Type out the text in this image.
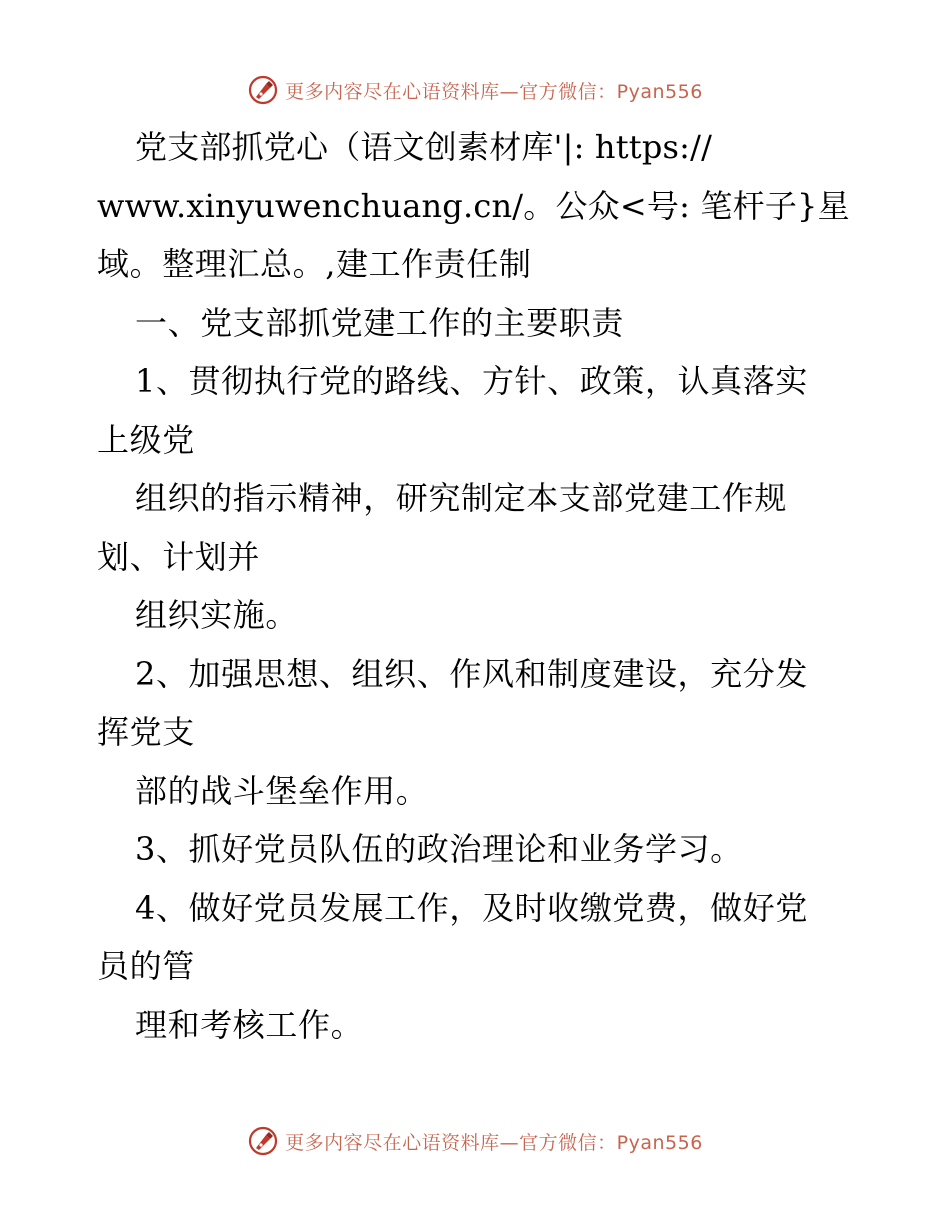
更多内容尽在心语资料库—官方微信：Pyan556
党支部抓党心（语文创素材库'|: https://
www.xinyuwenchuang.cn/。公众<号: 笔杆子}星
域。整理汇总。,建工作责任制
一、党支部抓党建工作的主要职责
1、贯彻执行党的路线、方针、政策，认真落实
上级党
组织的指示精神，研究制定本支部党建工作规
划、计划并
组织实施。
2、加强思想、组织、作风和制度建设，充分发
挥党支
部的战斗堡垒作用。
3、抓好党员队伍的政治理论和业务学习。
4、做好党员发展工作，及时收缴党费，做好党
员的管
理和考核工作。
更多内容尽在心语资料库—官方微信：Pyan556
